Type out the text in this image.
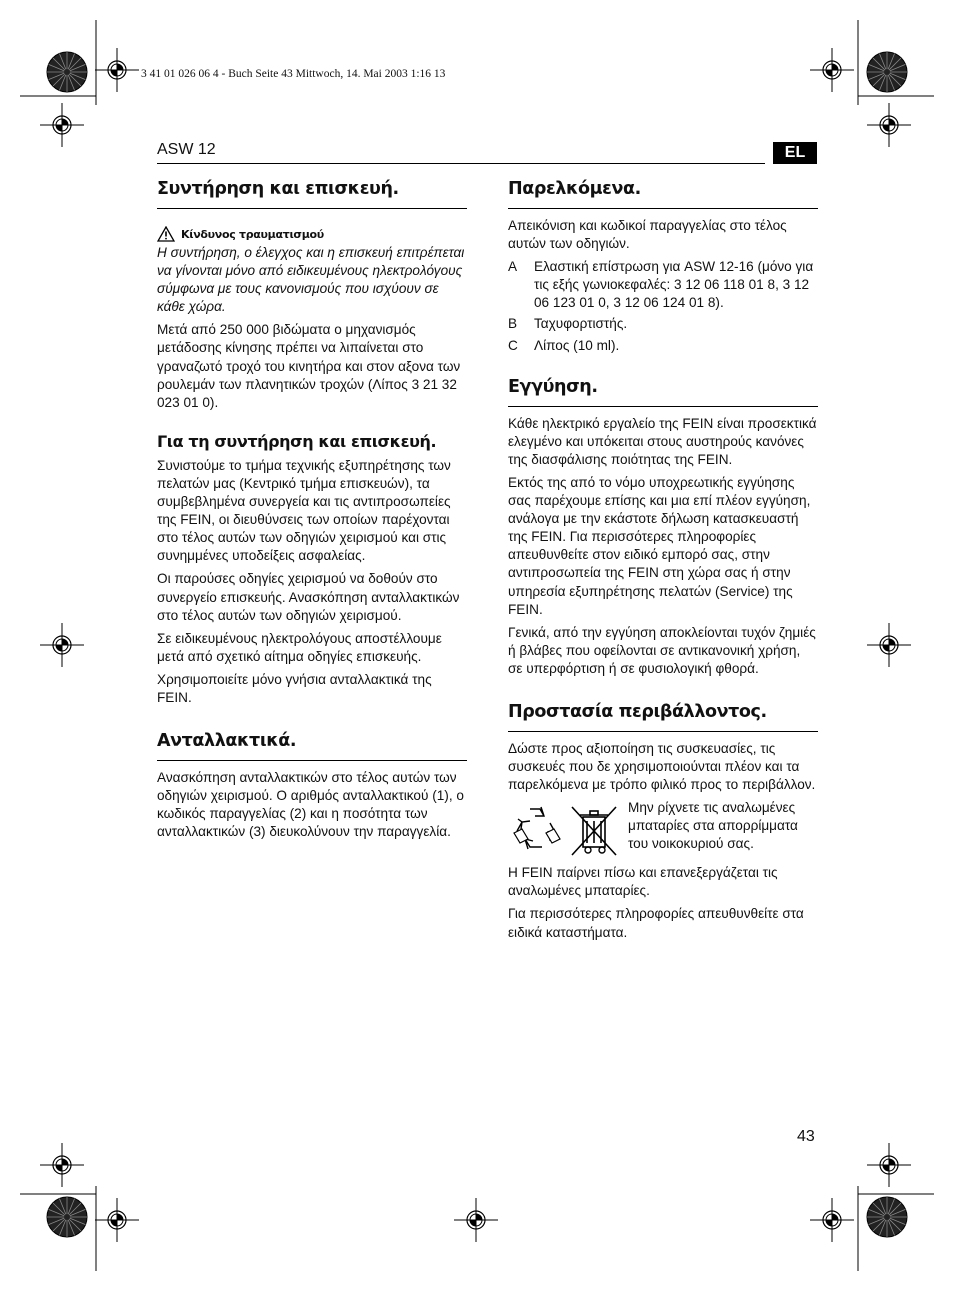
3 41 01 026 06 4 - Buch Seite 43 Mittwoch, 14. Mai 2003 1:16 13
ASW 12	EL
Συντήρηση και επισκευή.
Κίνδυνος τραυματισμού

Η συντήρηση, ο έλεγχος και η επισκευή επιτρέπεται να γίνονται μόνο από ειδικευμένους ηλεκτρολόγους σύμφωνα με τους κανονισμούς που ισχύουν σε κάθε χώρα.

Μετά από 250 000 βιδώματα ο μηχανισμός μετάδοσης κίνησης πρέπει να λιπαίνεται στο γραναζωτό τροχό του κινητήρα και στον αξονα των ρουλεμάν των πλανητικών τροχών (Λίπος 3 21 32 023 01 0).

Για τη συντήρηση και επισκευή.

Συνιστούμε το τμήμα τεχνικής εξυπηρέτησης των πελατών μας (Κεντρικό τμήμα επισκευών), τα συμβεβλημένα συνεργεία και τις αντιπροσωπείες της FEIN, οι διευθύνσεις των οποίων παρέχονται στο τέλος αυτών των οδηγιών χειρισμού και στις συνημμένες υποδείξεις ασφαλείας.

Οι παρούσες οδηγίες χειρισμού να δοθούν στο συνεργείο επισκευής. Ανασκόπηση ανταλλακτικών στο τέλος αυτών των οδηγιών χειρισμού.

Σε ειδικευμένους ηλεκτρολόγους αποστέλλουμε μετά από σχετικό αίτημα οδηγίες επισκευής.

Χρησιμοποιείτε μόνο γνήσια ανταλλακτικά της FEIN.

Ανταλλακτικά.

Ανασκόπηση ανταλλακτικών στο τέλος αυτών των οδηγιών χειρισμού. Ο αριθμός ανταλλακτικού (1), ο κωδικός παραγγελίας (2) και η ποσότητα των ανταλλακτικών (3) διευκολύνουν την παραγγελία.

Παρελκόμενα.

Απεικόνιση και κωδικοί παραγγελίας στο τέλος αυτών των οδηγιών.

A	Ελαστική επίστρωση για ASW 12-16 (μόνο για τις εξής γωνιοκεφαλές: 3 12 06 118 01 8, 3 12 06 123 01 0, 3 12 06 124 01 8).
B	Ταχυφορτιστής.
C	Λίπος (10 ml).
Εγγύηση.

Κάθε ηλεκτρικό εργαλείο της FEIN είναι προσεκτικά ελεγμένο και υπόκειται στους αυστηρούς κανόνες της διασφάλισης ποιότητας της FEIN.

Εκτός της από το νόμο υποχρεωτικής εγγύησης σας παρέχουμε επίσης και μια επί πλέον εγγύηση, ανάλογα με την εκάστοτε δήλωση κατασκευαστή της FEIN. Για περισσότερες πληροφορίες απευθυνθείτε στον ειδικό εμπορό σας, στην αντιπροσωπεία της FEIN στη χώρα σας ή στην υπηρεσία εξυπηρέτησης πελατών (Service) της FEIN.

Γενικά, από την εγγύηση αποκλείονται τυχόν ζημιές ή βλάβες που οφείλονται σε αντικανονική χρήση, σε υπερφόρτιση ή σε φυσιολογική φθορά.

Προστασία περιβάλλοντος.

Δώστε προς αξιοποίηση τις συσκευασίες, τις συσκευές που δε χρησιμοποιούνται πλέον και τα παρελκόμενα με τρόπο φιλικό προς το περιβάλλον.

Μην ρίχνετε τις αναλωμένες μπαταρίες στα απορρίμματα του νοικοκυριού σας.

Η FEIN παίρνει πίσω και επανεξεργάζεται τις αναλωμένες μπαταρίες.

Για περισσότερες πληροφορίες απευθυνθείτε στα ειδικά καταστήματα.

43
